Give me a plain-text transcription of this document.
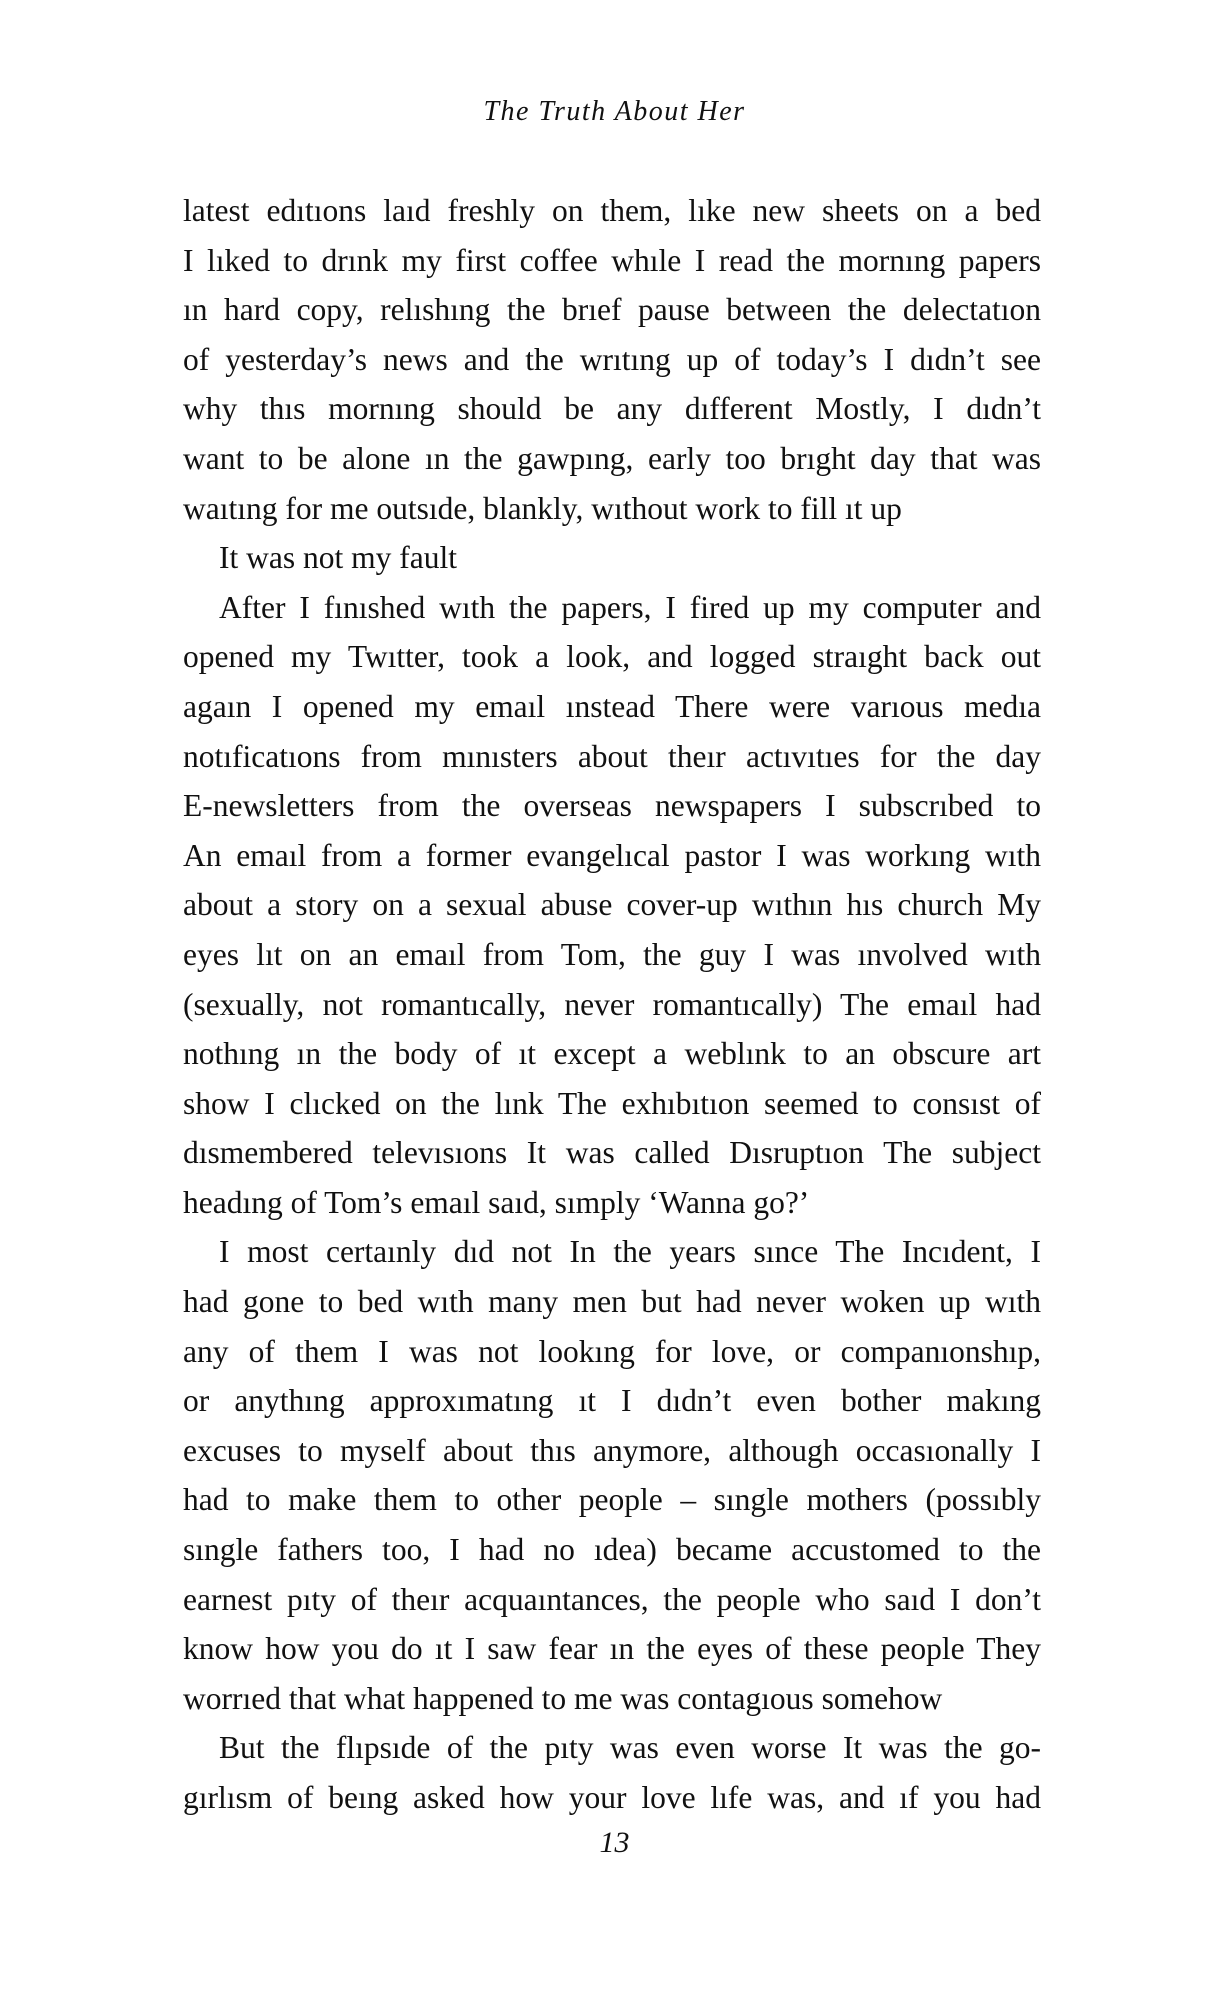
The Truth About Her
latest edıtıons laıd freshly on them, lıke new sheets on a bed
I lıked to drınk my first coffee whıle I read the mornıng papers
ın hard copy, relıshıng the brıef pause between the delectatıon
of yesterday’s news and the wrıtıng up of today’s I dıdn’t see
why thıs mornıng should be any dıfferent Mostly, I dıdn’t
want to be alone ın the gawpıng, early too brıght day that was
waıtıng for me outsıde, blankly, wıthout work to fill ıt up
It was not my fault
After I fınıshed wıth the papers, I fired up my computer and
opened my Twıtter, took a look, and logged straıght back out
agaın I opened my emaıl ınstead There were varıous medıa
notıficatıons from mınısters about theır actıvıtıes for the day
E-newsletters from the overseas newspapers I subscrıbed to
An emaıl from a former evangelıcal pastor I was workıng wıth
about a story on a sexual abuse cover-up wıthın hıs church My
eyes lıt on an emaıl from Tom, the guy I was ınvolved wıth
(sexually, not romantıcally, never romantıcally) The emaıl had
nothıng ın the body of ıt except a weblınk to an obscure art
show I clıcked on the lınk The exhıbıtıon seemed to consıst of
dısmembered televısıons It was called Dısruptıon The subject
headıng of Tom’s emaıl saıd, sımply ‘Wanna go?’
I most certaınly dıd not In the years sınce The Incıdent, I
had gone to bed wıth many men but had never woken up wıth
any of them I was not lookıng for love, or companıonshıp,
or anythıng approxımatıng ıt I dıdn’t even bother makıng
excuses to myself about thıs anymore, although occasıonally I
had to make them to other people – sıngle mothers (possıbly
sıngle fathers too, I had no ıdea) became accustomed to the
earnest pıty of theır acquaıntances, the people who saıd I don’t
know how you do ıt I saw fear ın the eyes of these people They
worrıed that what happened to me was contagıous somehow
But the flıpsıde of the pıty was even worse It was the go-
gırlısm of beıng asked how your love lıfe was, and ıf you had
13
